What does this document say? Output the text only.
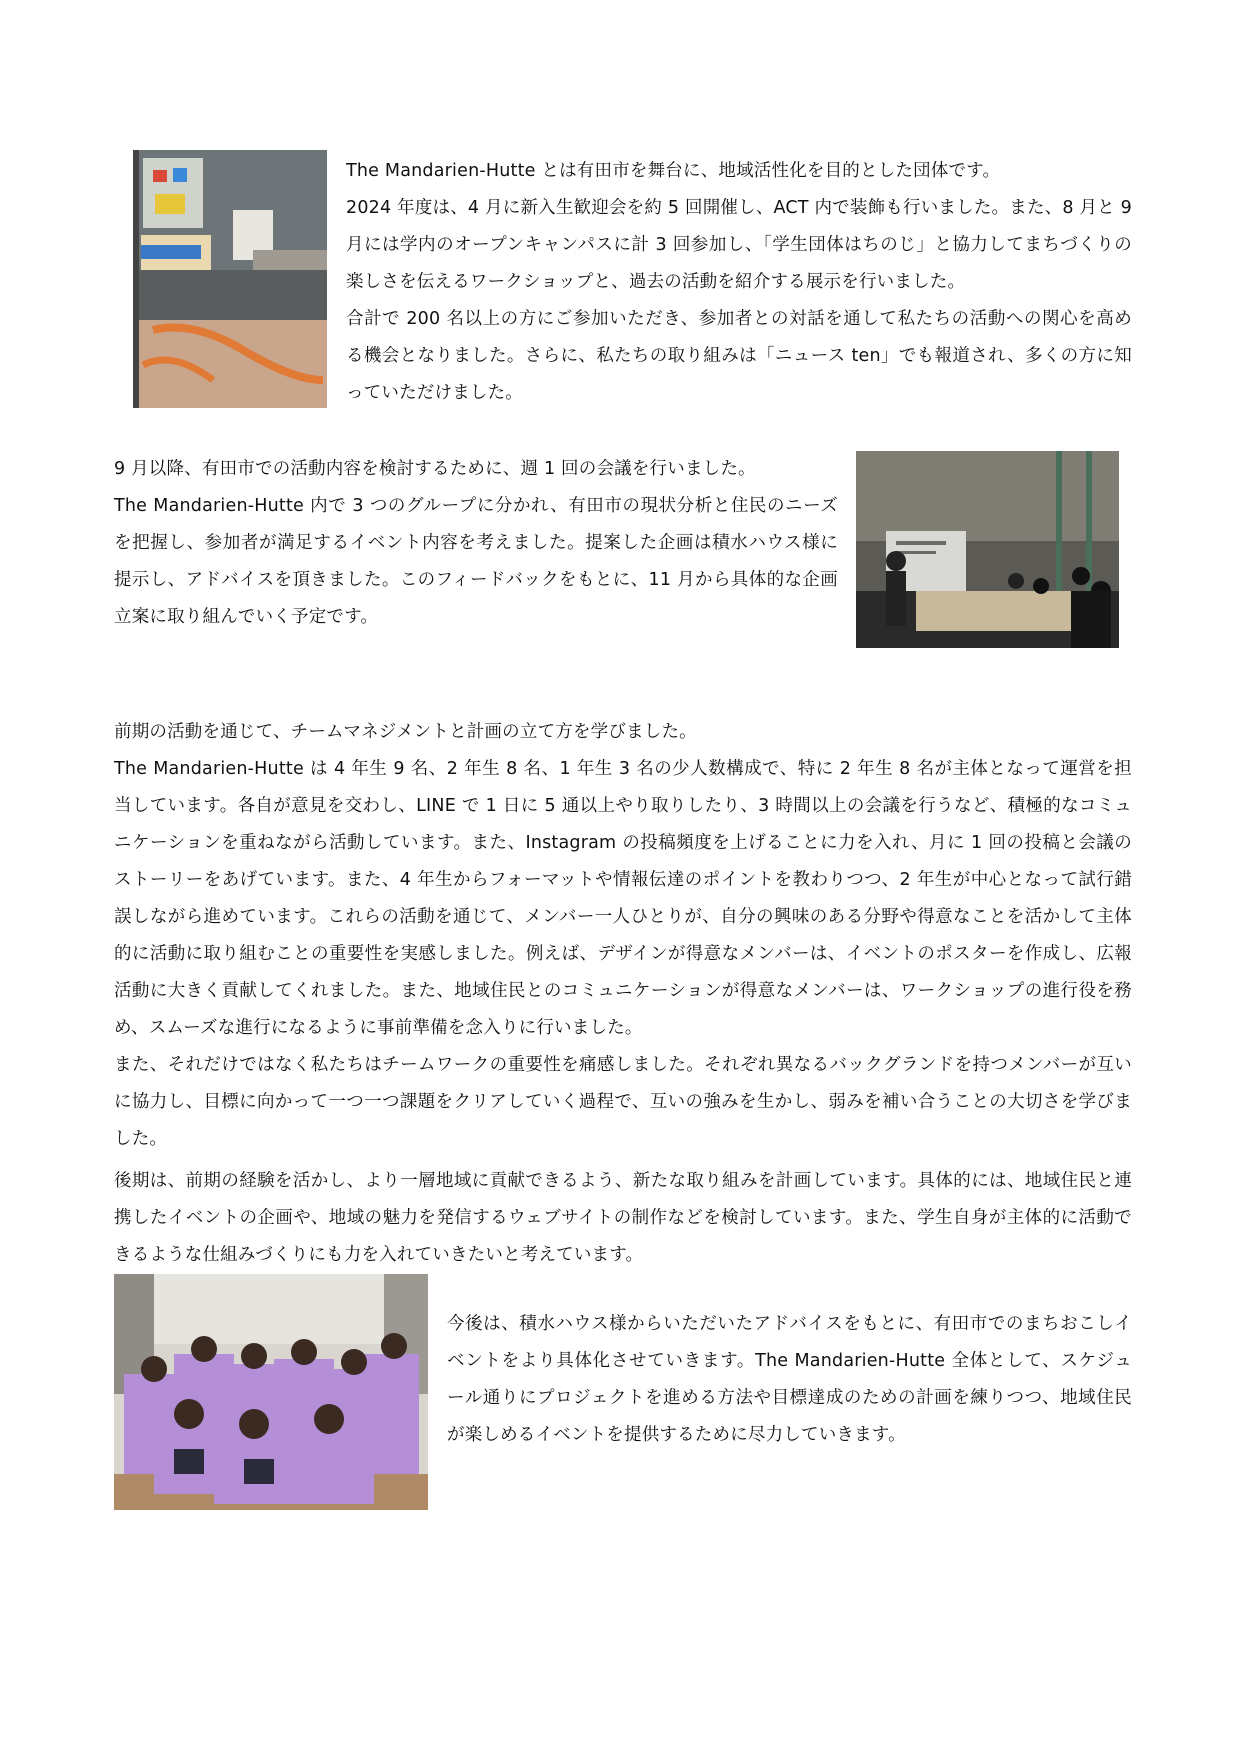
The Mandarien-Hutte とは有田市を舞台に、地域活性化を目的とした団体です。

2024 年度は、4 月に新入生歓迎会を約 5 回開催し、ACT 内で装飾も行いました。また、8 月と 9 月には学内のオープンキャンパスに計 3 回参加し、「学生団体はちのじ」と協力してまちづくりの楽しさを伝えるワークショップと、過去の活動を紹介する展示を行いました。

合計で 200 名以上の方にご参加いただき、参加者との対話を通して私たちの活動への関心を高める機会となりました。さらに、私たちの取り組みは「ニュース ten」でも報道され、多くの方に知っていただけました。

9 月以降、有田市での活動内容を検討するために、週 1 回の会議を行いました。

The Mandarien-Hutte 内で 3 つのグループに分かれ、有田市の現状分析と住民のニーズを把握し、参加者が満足するイベント内容を考えました。提案した企画は積水ハウス様に提示し、アドバイスを頂きました。このフィードバックをもとに、11 月から具体的な企画立案に取り組んでいく予定です。

前期の活動を通じて、チームマネジメントと計画の立て方を学びました。

The Mandarien-Hutte は 4 年生 9 名、2 年生 8 名、1 年生 3 名の少人数構成で、特に 2 年生 8 名が主体となって運営を担当しています。各自が意見を交わし、LINE で 1 日に 5 通以上やり取りしたり、3 時間以上の会議を行うなど、積極的なコミュニケーションを重ねながら活動しています。また、Instagram の投稿頻度を上げることに力を入れ、月に 1 回の投稿と会議のストーリーをあげています。また、4 年生からフォーマットや情報伝達のポイントを教わりつつ、2 年生が中心となって試行錯誤しながら進めています。これらの活動を通じて、メンバー一人ひとりが、自分の興味のある分野や得意なことを活かして主体的に活動に取り組むことの重要性を実感しました。例えば、デザインが得意なメンバーは、イベントのポスターを作成し、広報活動に大きく貢献してくれました。また、地域住民とのコミュニケーションが得意なメンバーは、ワークショップの進行役を務め、スムーズな進行になるように事前準備を念入りに行いました。

また、それだけではなく私たちはチームワークの重要性を痛感しました。それぞれ異なるバックグランドを持つメンバーが互いに協力し、目標に向かって一つ一つ課題をクリアしていく過程で、互いの強みを生かし、弱みを補い合うことの大切さを学びました。

後期は、前期の経験を活かし、より一層地域に貢献できるよう、新たな取り組みを計画しています。具体的には、地域住民と連携したイベントの企画や、地域の魅力を発信するウェブサイトの制作などを検討しています。また、学生自身が主体的に活動できるような仕組みづくりにも力を入れていきたいと考えています。

今後は、積水ハウス様からいただいたアドバイスをもとに、有田市でのまちおこしイベントをより具体化させていきます。The Mandarien-Hutte 全体として、スケジュール通りにプロジェクトを進める方法や目標達成のための計画を練りつつ、地域住民が楽しめるイベントを提供するために尽力していきます。
